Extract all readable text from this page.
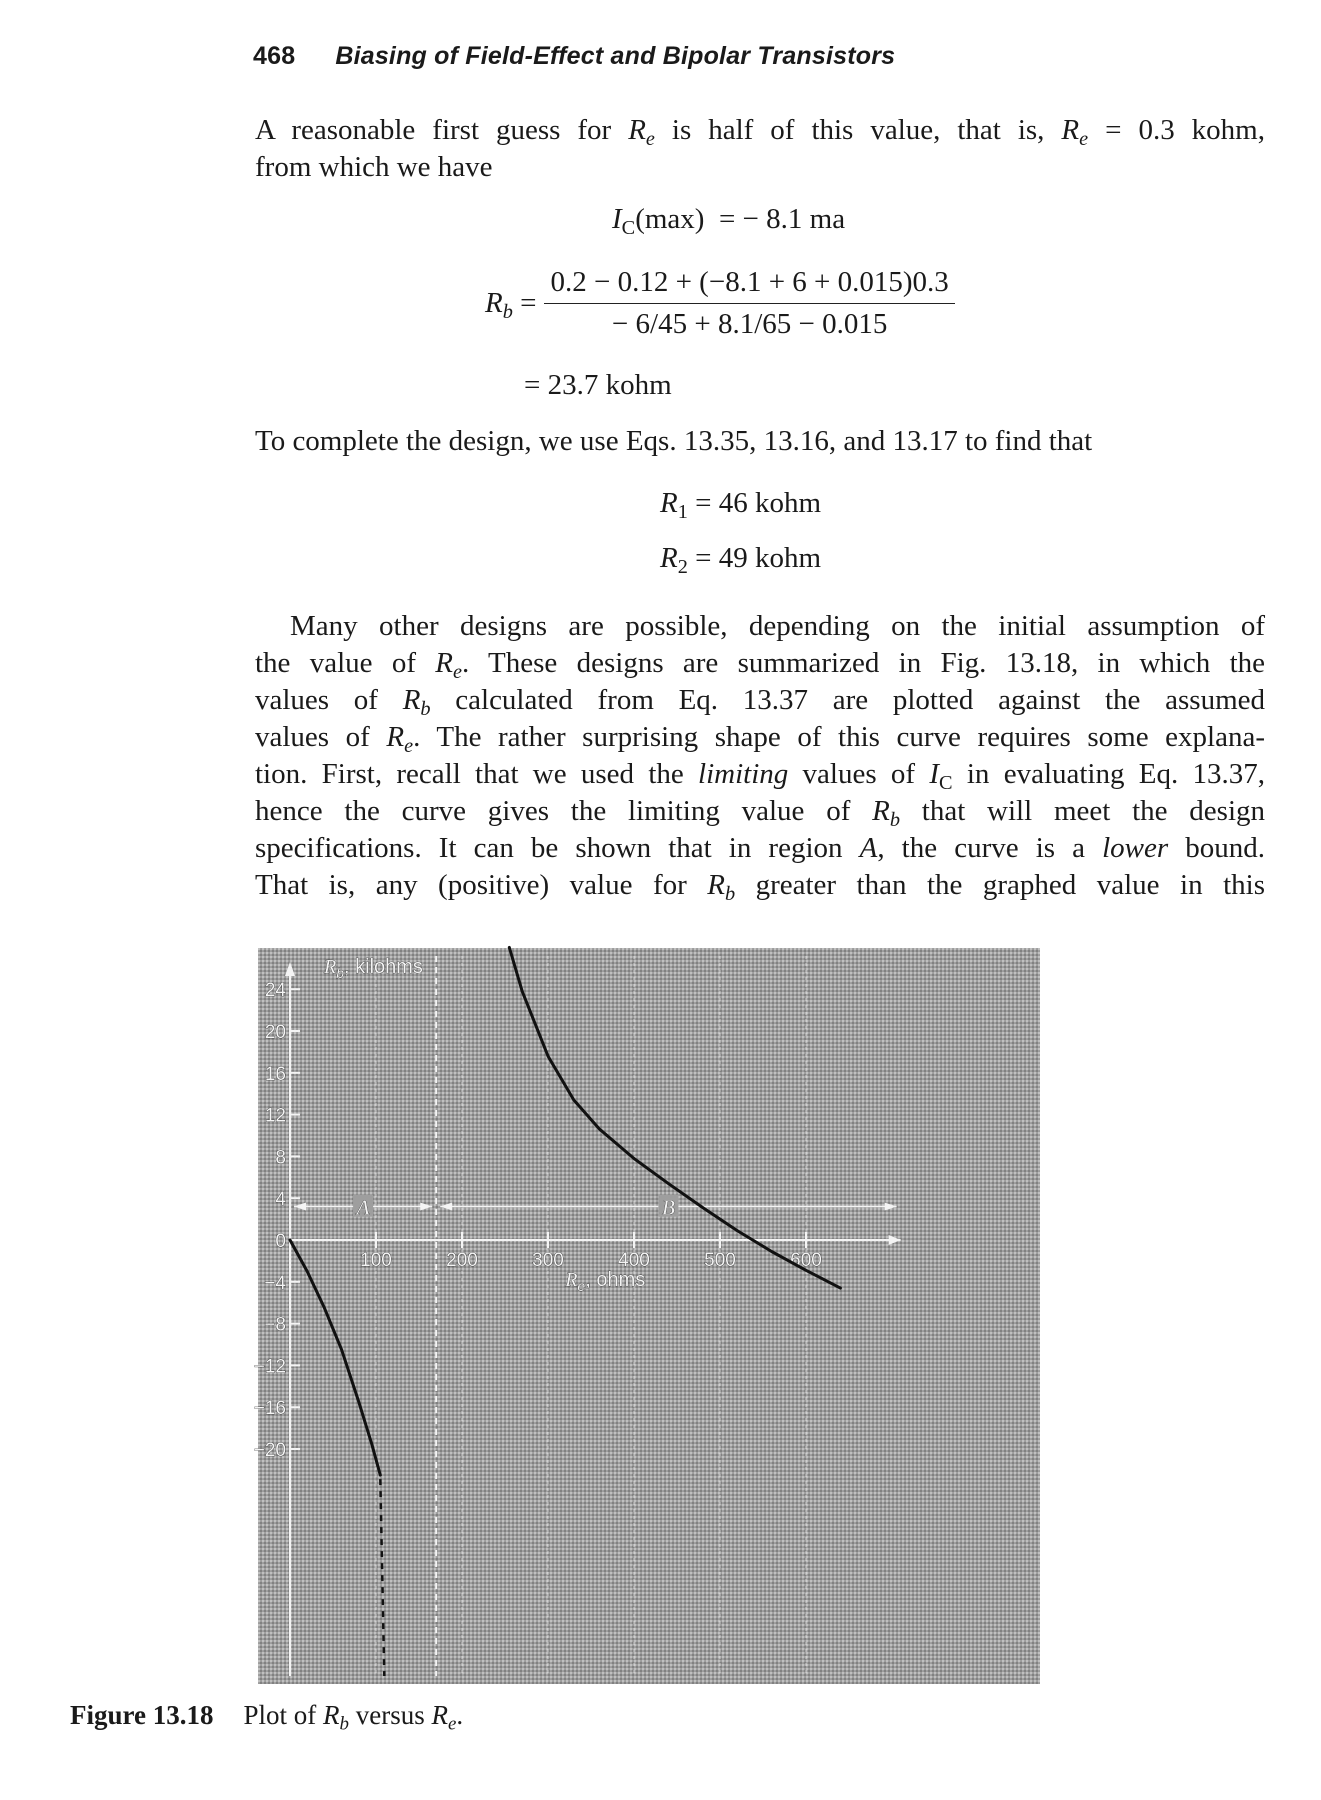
468 Biasing of Field-Effect and Bipolar Transistors
A reasonable first guess for $R_e$ is half of this value, that is, $R_e = 0.3$ kohm,
from which we have
$I_C(\max)$ = − 8.1 ma
$R_b = \frac{0.2 - 0.12 + (-8.1 + 6 + 0.015)0.3}{- 6/45 + 8.1/65 - 0.015}$
= 23.7 kohm
To complete the design, we use Eqs. 13.35, 13.16, and 13.17 to find that
$R_1 = 46$ kohm
$R_2 = 49$ kohm
Many other designs are possible, depending on the initial assumption of
the value of $R_e$. These designs are summarized in Fig. 13.18, in which the
values of $R_b$ calculated from Eq. 13.37 are plotted against the assumed
values of $R_e$. The rather surprising shape of this curve requires some explana-
tion. First, recall that we used the limiting values of $I_C$ in evaluating Eq. 13.37,
hence the curve gives the limiting value of $R_b$ that will meet the design
specifications. It can be shown that in region A, the curve is a lower bound.
That is, any (positive) value for $R_b$ greater than the graphed value in this
24
20
16
12
8
4
0
−4
−8
−12
−16
−20
100	200	300	400	500	600
$R_b$, kilohms
$R_e$, ohms
A	B
Figure 13.18 Plot of $R_b$ versus $R_e$.
